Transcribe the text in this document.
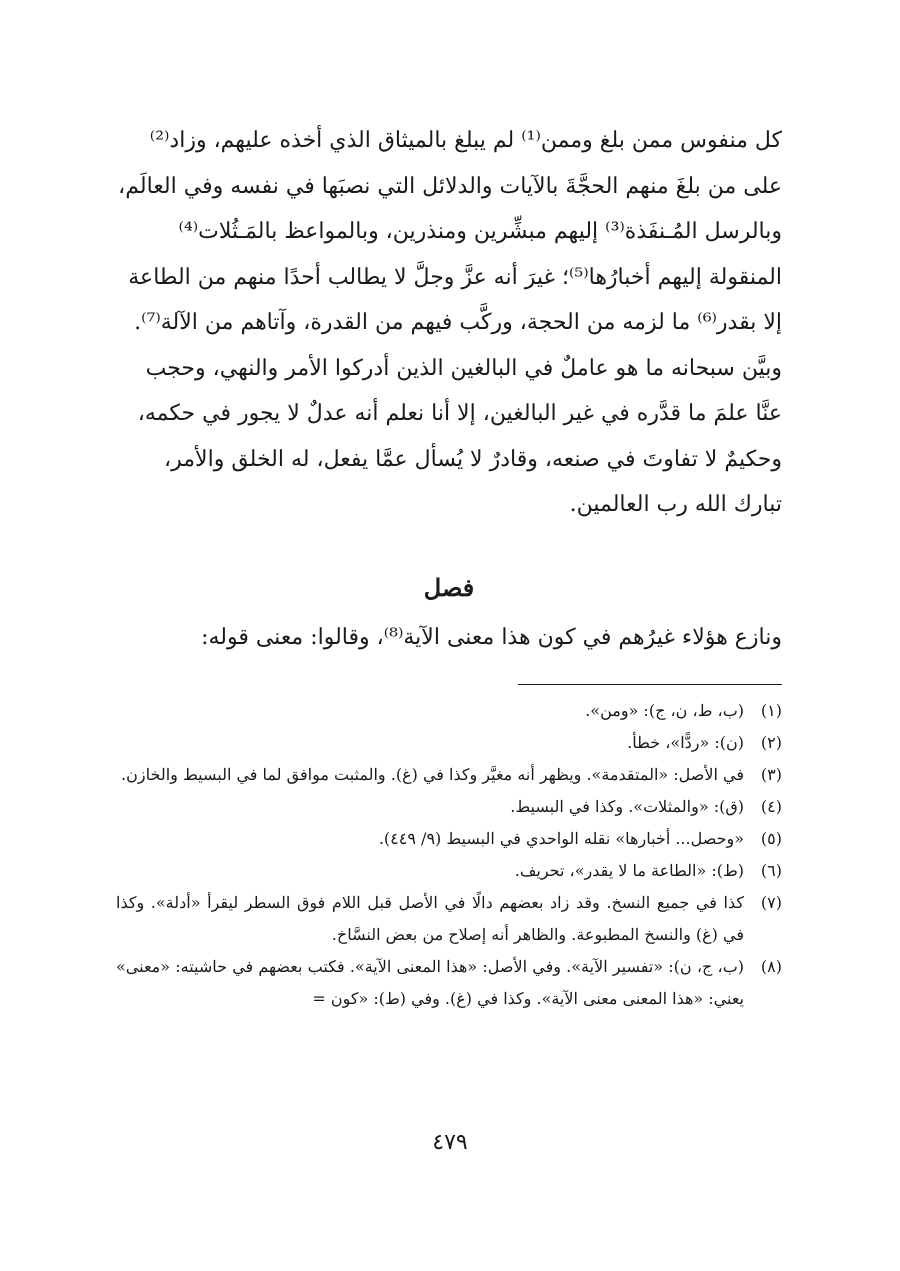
كل منفوس ممن بلغ وممن⁽¹⁾ لم يبلغ بالميثاق الذي أخذه عليهم، وزاد⁽²⁾

على من بلغَ منهم الحجَّةَ بالآيات والدلائل التي نصبَها في نفسه وفي العالَم،

وبالرسل المُـنفَذة⁽³⁾ إليهم مبشِّرين ومنذرين، وبالمواعظ بالمَـثُلات⁽⁴⁾

المنقولة إليهم أخبارُها⁽⁵⁾؛ غيرَ أنه عزَّ وجلَّ لا يطالب أحدًا منهم من الطاعة

إلا بقدر⁽⁶⁾ ما لزمه من الحجة، وركَّب فيهم من القدرة، وآتاهم من الآلة⁽⁷⁾.

وبيَّن سبحانه ما هو عاملٌ في البالغين الذين أدركوا الأمر والنهي، وحجب

عنَّا علمَ ما قدَّره في غير البالغين، إلا أنا نعلم أنه عدلٌ لا يجور في حكمه،

وحكيمٌ لا تفاوتَ في صنعه، وقادرٌ لا يُسأل عمَّا يفعل، له الخلق والأمر،

تبارك الله رب العالمين.

فصل
ونازع هؤلاء غيرُهم في كون هذا معنى الآية⁽⁸⁾، وقالوا: معنى قوله:
(١)
(ب، ط، ن، ج): «ومن».
(٢)
(ن): «ردًّا»، خطأ.
(٣)
في الأصل: «المتقدمة». ويظهر أنه مغيَّر وكذا في (غ). والمثبت موافق لما في البسيط والخازن.
(٤)
(ق): «والمثلات». وكذا في البسيط.
(٥)
«وحصل... أخبارها» نقله الواحدي في البسيط (٩/ ٤٤٩).
(٦)
(ط): «الطاعة ما لا يقدر»، تحريف.
(٧)
كذا في جميع النسخ. وقد زاد بعضهم دالًا في الأصل قبل اللام فوق السطر ليقرأ «أدلة». وكذا في (غ) والنسخ المطبوعة. والظاهر أنه إصلاح من بعض النسَّاخ.
(٨)
(ب، ج، ن): «تفسير الآية». وفي الأصل: «هذا المعنى الآية». فكتب بعضهم في حاشيته: «معنى» يعني: «هذا المعنى معنى الآية». وكذا في (غ). وفي (ط): «كون =
٤٧٩
